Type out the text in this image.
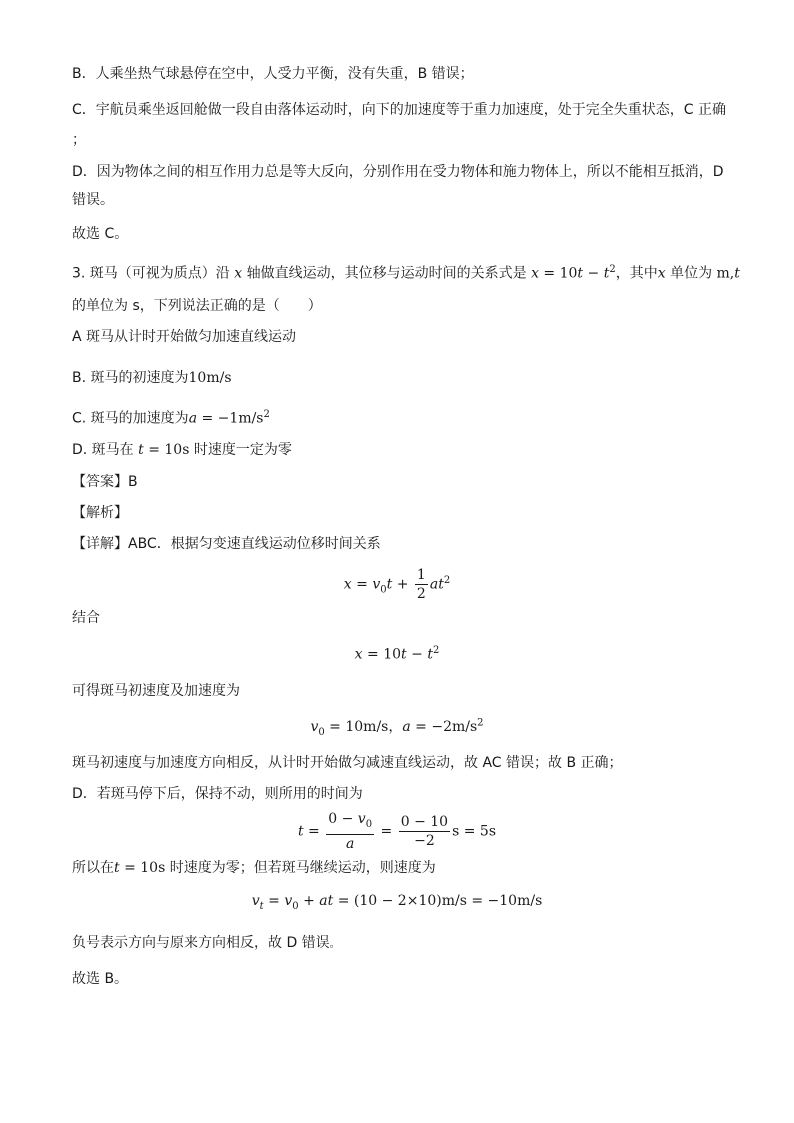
B．人乘坐热气球悬停在空中，人受力平衡，没有失重，B 错误；
C．宇航员乘坐返回舱做一段自由落体运动时，向下的加速度等于重力加速度，处于完全失重状态，C 正确
；
D．因为物体之间的相互作用力总是等大反向，分别作用在受力物体和施力物体上，所以不能相互抵消，D
错误。
故选 C。
3. 斑马（可视为质点）沿 x 轴做直线运动，其位移与运动时间的关系式是 $x = 10t - t^2$，其中x 单位为 m,t
的单位为 s，下列说法正确的是（　　）
A 斑马从计时开始做匀加速直线运动
B. 斑马的初速度为10m/s
C. 斑马的加速度为$a = -1m/s^2$
D. 斑马在 t = 10s 时速度一定为零
【答案】B
【解析】
【详解】ABC．根据匀变速直线运动位移时间关系
$x = v_0t + \frac{1}{2} at^2$
结合
$x = 10t - t^2$
可得斑马初速度及加速度为
$v_0 = 10m/s$，$a = -2m/s^2$
斑马初速度与加速度方向相反，从计时开始做匀减速直线运动，故 AC 错误；故 B 正确；
D．若斑马停下后，保持不动，则所用的时间为
$t = \frac{0 - v_0}{a} = \frac{0 - 10}{-2}$ s = 5s
所以在t = 10s 时速度为零；但若斑马继续运动，则速度为
$v_t = v_0$ + at = (10 − 2×10)m/s = −10m/s
负号表示方向与原来方向相反，故 D 错误。
故选 B。
